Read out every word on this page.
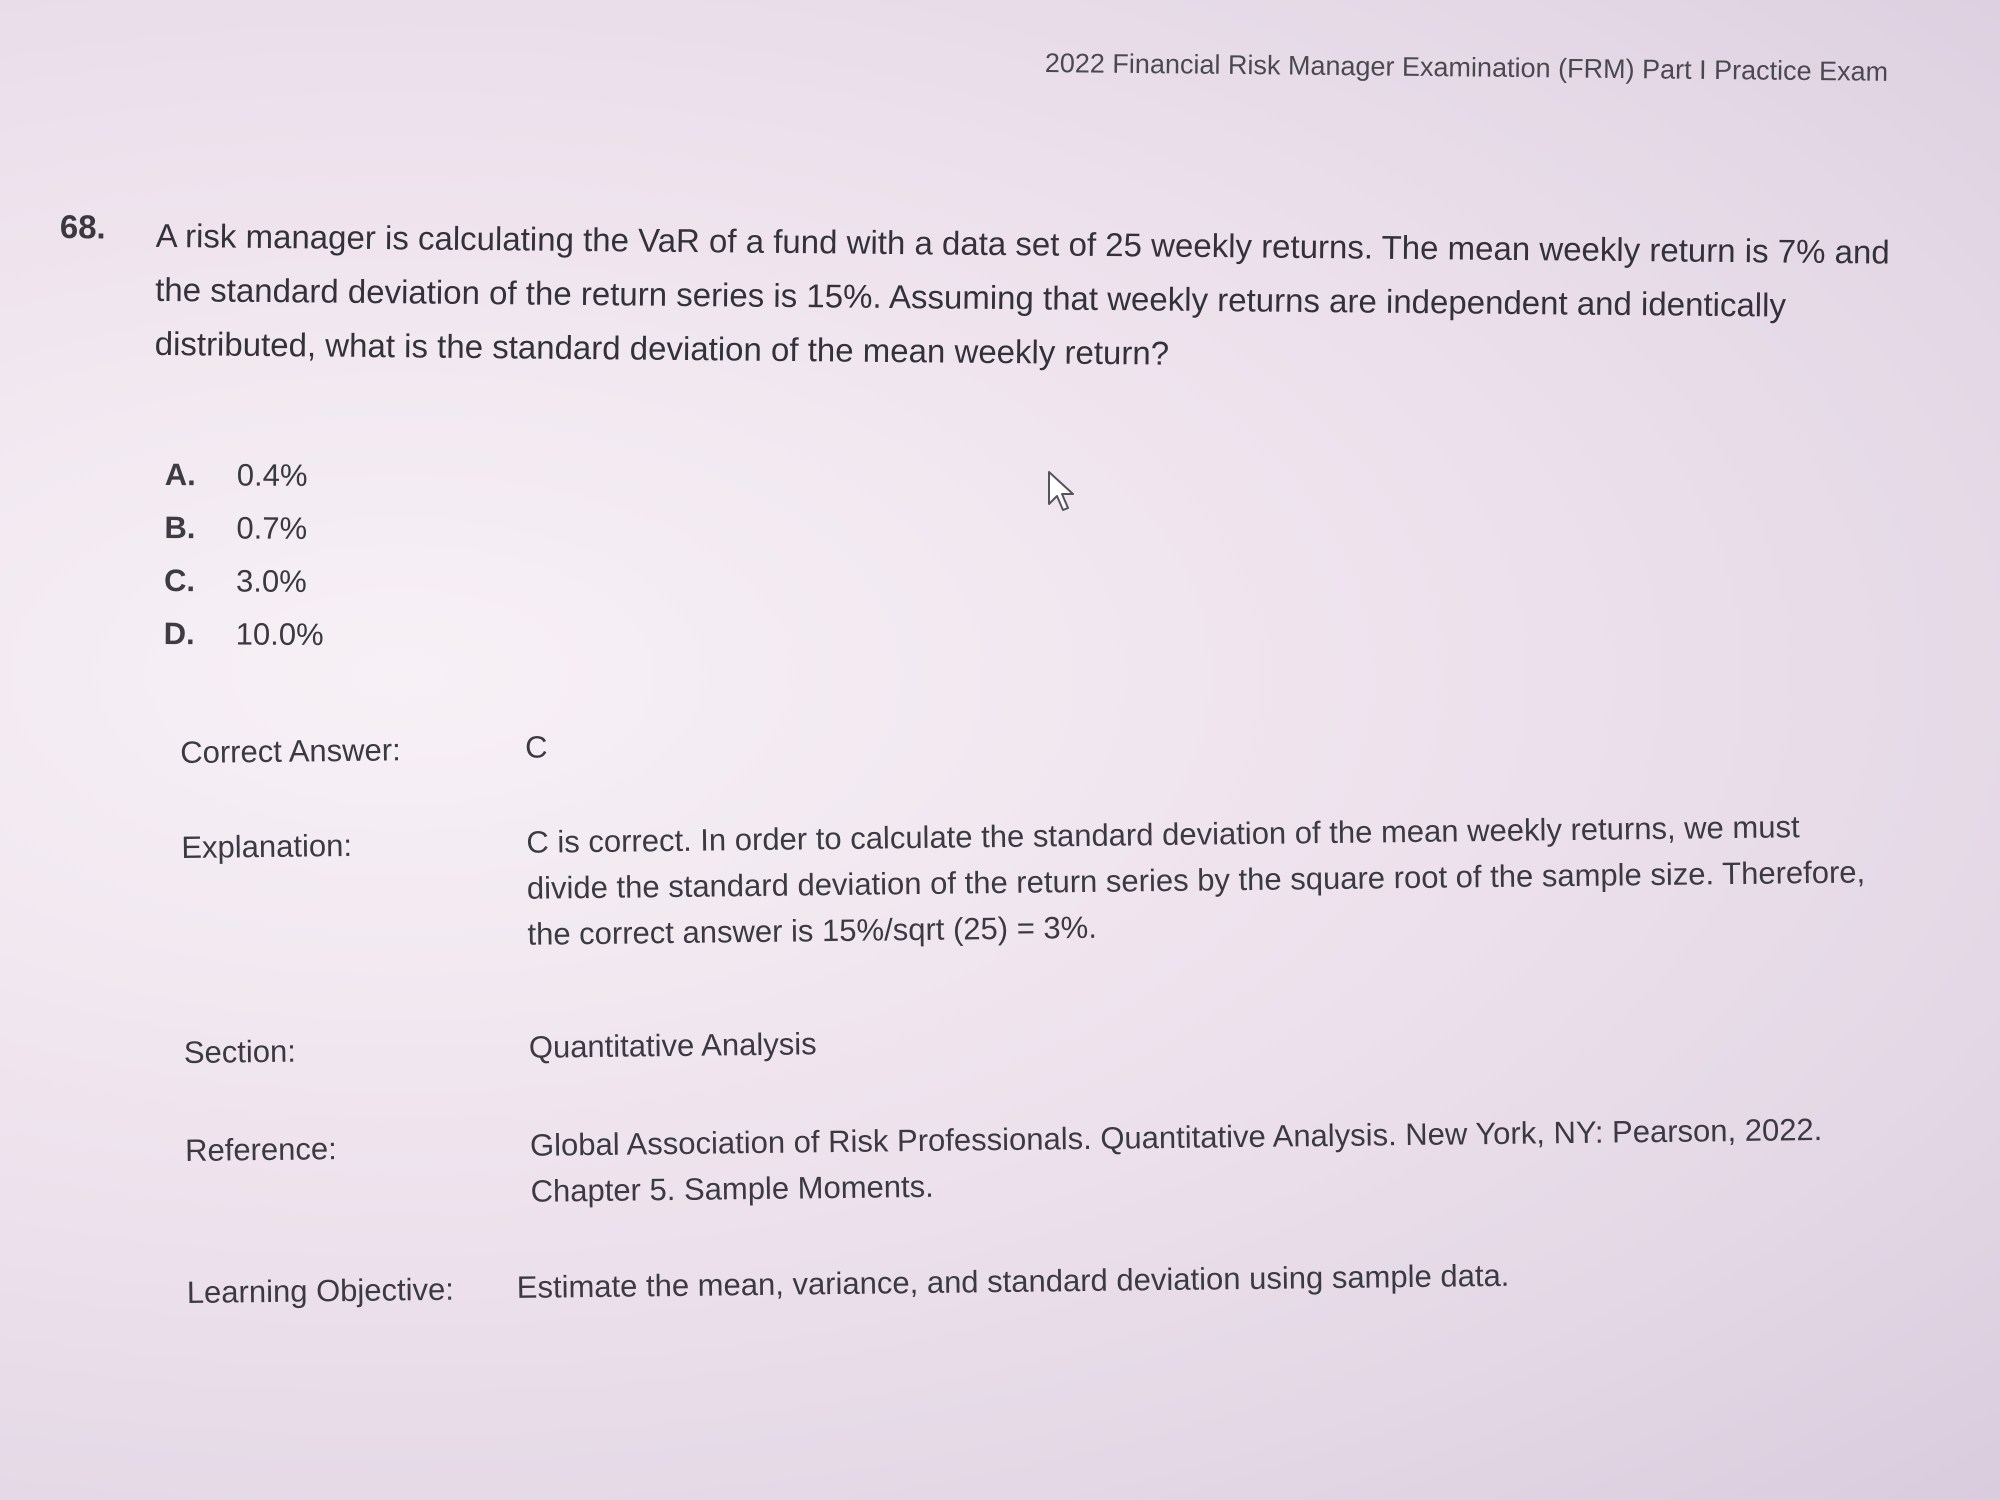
2022 Financial Risk Manager Examination (FRM) Part I Practice Exam
68. A risk manager is calculating the VaR of a fund with a data set of 25 weekly returns. The mean weekly return is 7% and the standard deviation of the return series is 15%. Assuming that weekly returns are independent and identically distributed, what is the standard deviation of the mean weekly return?
A.	0.4%
B.	0.7%
C.	3.0%
D.	10.0%
Correct Answer:	C
Explanation:	C is correct. In order to calculate the standard deviation of the mean weekly returns, we must divide the standard deviation of the return series by the square root of the sample size. Therefore, the correct answer is 15%/sqrt (25) = 3%.
Section:	Quantitative Analysis
Reference:	Global Association of Risk Professionals. Quantitative Analysis. New York, NY: Pearson, 2022. Chapter 5. Sample Moments.
Learning Objective: Estimate the mean, variance, and standard deviation using sample data.
